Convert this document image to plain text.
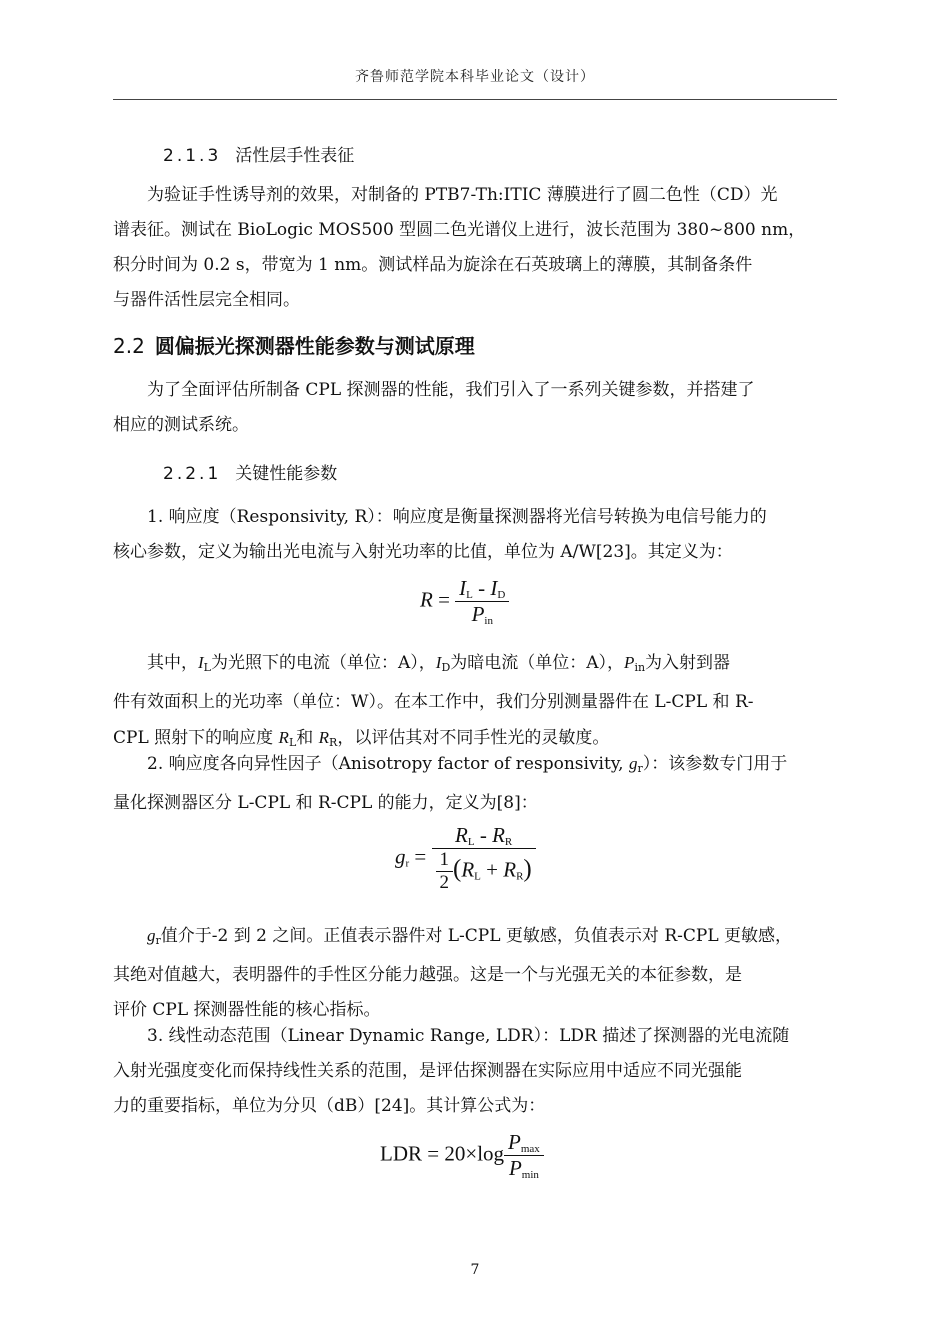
齐鲁师范学院本科毕业论文（设计）
2.1.3 活性层手性表征
为验证手性诱导剂的效果，对制备的 PTB7-Th:ITIC 薄膜进行了圆二色性（CD）光
谱表征。测试在 BioLogic MOS500 型圆二色光谱仪上进行，波长范围为 380~800 nm，
积分时间为 0.2 s，带宽为 1 nm。测试样品为旋涂在石英玻璃上的薄膜，其制备条件
与器件活性层完全相同。
2.2 圆偏振光探测器性能参数与测试原理
为了全面评估所制备 CPL 探测器的性能，我们引入了一系列关键参数，并搭建了
相应的测试系统。
2.2.1 关键性能参数
1. 响应度（Responsivity, R）：响应度是衡量探测器将光信号转换为电信号能力的
核心参数，定义为输出光电流与入射光功率的比值，单位为 A/W[23]。其定义为：
$R = \frac{I_L - I_D}{P_{in}}$
其中，$I_L$为光照下的电流（单位：A），$I_D$为暗电流（单位：A），$P_{in}$为入射到器
件有效面积上的光功率（单位：W）。在本工作中，我们分别测量器件在 L-CPL 和 R-
CPL 照射下的响应度 $R_L$和 $R_R$，以评估其对不同手性光的灵敏度。
2. 响应度各向异性因子（Anisotropy factor of responsivity, $g_r$）：该参数专门用于
量化探测器区分 L-CPL 和 R-CPL 的能力，定义为[8]：
$g_r = \frac{R_L - R_R}{\frac{1}{2} (R_L + R_R)}$
$g_r$值介于-2 到 2 之间。正值表示器件对 L-CPL 更敏感，负值表示对 R-CPL 更敏感，
其绝对值越大，表明器件的手性区分能力越强。这是一个与光强无关的本征参数，是
评价 CPL 探测器性能的核心指标。
3. 线性动态范围（Linear Dynamic Range, LDR）：LDR 描述了探测器的光电流随
入射光强度变化而保持线性关系的范围，是评估探测器在实际应用中适应不同光强能
力的重要指标，单位为分贝（dB）[24]。其计算公式为：
LDR = $20\times\log \frac{P_{max}}{P_{min}}$
7
